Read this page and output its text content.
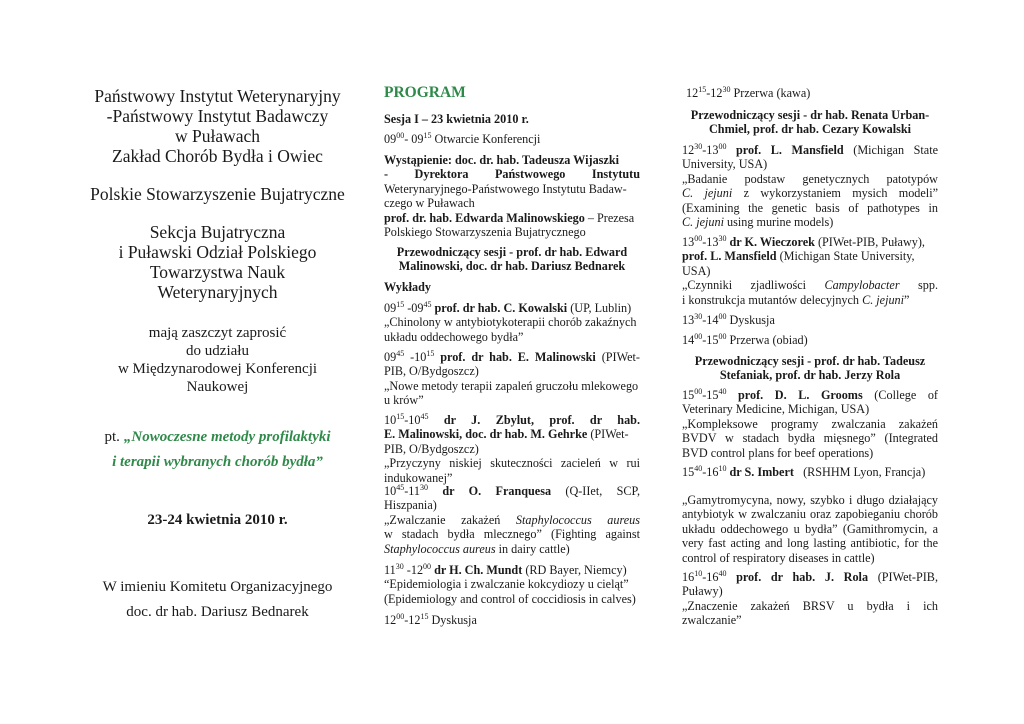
Państwowy Instytut Weterynaryjny

-Państwowy Instytut Badawczy

w Puławach

Zakład Chorób Bydła i Owiec

Polskie Stowarzyszenie Bujatryczne

Sekcja Bujatryczna

i Puławski Odział Polskiego

Towarzystwa Nauk

Weterynaryjnych

mają zaszczyt zaprosić

do udziału

w Międzynarodowej Konferencji

Naukowej

pt. „Nowoczesne metody profilaktyki

i terapii wybranych chorób bydła”

23-24 kwietnia 2010 r.

W imieniu Komitetu Organizacyjnego

doc. dr hab. Dariusz Bednarek

PROGRAM

Sesja I – 23 kwietnia 2010 r.

$09^{00}-$ $09^{15}$ Otwarcie Konferencji

Wystąpienie: doc. dr. hab. Tadeusza Wijaszki

- Dyrektora Państwowego Instytutu

Weterynaryjnego-Państwowego Instytutu Badaw-

czego w Puławach

prof. dr. hab. Edwarda Malinowskiego – Prezesa

Polskiego Stowarzyszenia Bujatrycznego

Przewodniczący sesji - prof. dr hab. Edward

Malinowski, doc. dr hab. Dariusz Bednarek

Wykłady

$09^{15}$ $-09^{45}$ prof. dr hab. C. Kowalski (UP, Lublin)

„Chinolony w antybiotykoterapii chorób zakaźnych

układu oddechowego bydła”

$09^{45}$ $-10^{15}$ prof. dr hab. E. Malinowski (PIWet-

PIB, O/Bydgoszcz)

„Nowe metody terapii zapaleń gruczołu mlekowego

u krów”

$10^{15}-10^{45}$ dr J. Zbylut, prof. dr hab.

E. Malinowski, doc. dr hab. M. Gehrke (PIWet-

PIB, O/Bydgoszcz)

„Przyczyny niskiej skuteczności zacieleń w rui

indukowanej”

$10^{45}-11^{30}$ dr O. Franquesa (Q-IIet, SCP,

Hiszpania)

„Zwalczanie zakażeń Staphylococcus aureus

w stadach bydła mlecznego” (Fighting against

Staphylococcus aureus in dairy cattle)

$11^{30}$ $-12^{00}$ dr H. Ch. Mundt (RD Bayer, Niemcy)

“Epidemiologia i zwalczanie kokcydiozy u cieląt”

(Epidemiology and control of coccidiosis in calves)

$12^{00}-12^{15}$ Dyskusja

$12^{15}-12^{30}$ Przerwa (kawa)

Przewodniczący sesji - dr hab. Renata Urban-

Chmiel, prof. dr hab. Cezary Kowalski

$12^{30}-13^{00}$ prof. L. Mansfield (Michigan State

University, USA)

„Badanie podstaw genetycznych patotypów

C. jejuni z wykorzystaniem mysich modeli”

(Examining the genetic basis of pathotypes in

C. jejuni using murine models)

$13^{00}-13^{30}$ dr K. Wieczorek (PIWet-PIB, Puławy),

prof. L. Mansfield (Michigan State University,

USA)

„Czynniki zjadliwości Campylobacter spp.

i konstrukcja mutantów delecyjnych C. jejuni”

$13^{30}-14^{00}$ Dyskusja

$14^{00}-15^{00}$ Przerwa (obiad)

Przewodniczący sesji - prof. dr hab. Tadeusz

Stefaniak, prof. dr hab. Jerzy Rola

$15^{00}-15^{40}$ prof. D. L. Grooms (College of

Veterinary Medicine, Michigan, USA)

„Kompleksowe programy zwalczania zakażeń

BVDV w stadach bydła mięsnego” (Integrated

BVD control plans for beef operations)

$15^{40}-16^{10}$ dr S. Imbert   (RSHHM Lyon, Francja)

„Gamytromycyna, nowy, szybko i długo działający

antybiotyk w zwalczaniu oraz zapobieganiu chorób

układu oddechowego u bydła” (Gamithromycin, a

very fast acting and long lasting antibiotic, for the

control of respiratory diseases in cattle)

$16^{10}-16^{40}$ prof. dr hab. J. Rola (PIWet-PIB,

Puławy)

„Znaczenie zakażeń BRSV u bydła i ich

zwalczanie”
